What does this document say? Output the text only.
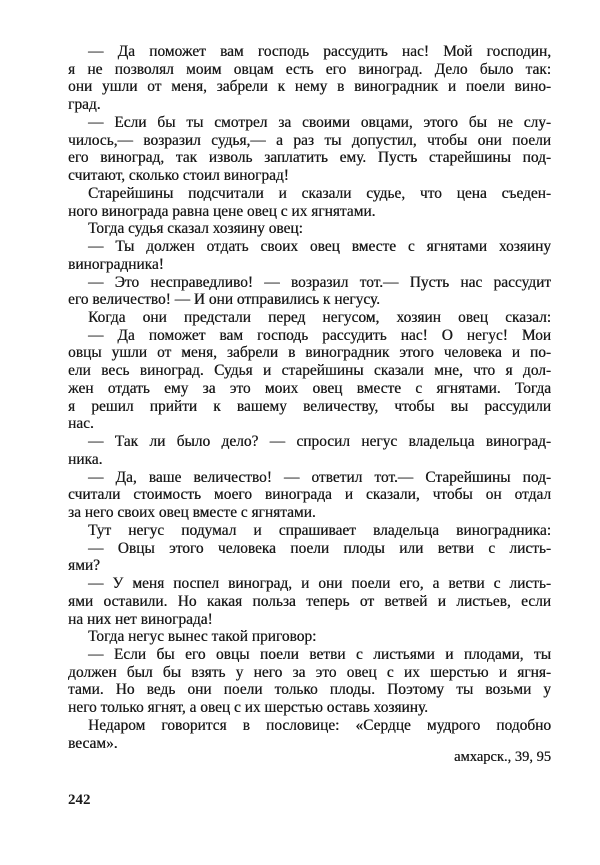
— Да поможет вам господь рассудить нас! Мой господин,
я не позволял моим овцам есть его виноград. Дело было так:
они ушли от меня, забрели к нему в виноградник и поели вино-
град.
— Если бы ты смотрел за своими овцами, этого бы не слу-
чилось,— возразил судья,— а раз ты допустил, чтобы они поели
его виноград, так изволь заплатить ему. Пусть старейшины под-
считают, сколько стоил виноград!
Старейшины подсчитали и сказали судье, что цена съеден-
ного винограда равна цене овец с их ягнятами.
Тогда судья сказал хозяину овец:
— Ты должен отдать своих овец вместе с ягнятами хозяину
виноградника!
— Это несправедливо! — возразил тот.— Пусть нас рассудит
его величество! — И они отправились к негусу.
Когда они предстали перед негусом, хозяин овец сказал:
— Да поможет вам господь рассудить нас! О негус! Мои
овцы ушли от меня, забрели в виноградник этого человека и по-
ели весь виноград. Судья и старейшины сказали мне, что я дол-
жен отдать ему за это моих овец вместе с ягнятами. Тогда
я решил прийти к вашему величеству, чтобы вы рассудили
нас.
— Так ли было дело? — спросил негус владельца виноград-
ника.
— Да, ваше величество! — ответил тот.— Старейшины под-
считали стоимость моего винограда и сказали, чтобы он отдал
за него своих овец вместе с ягнятами.
Тут негус подумал и спрашивает владельца виноградника:
— Овцы этого человека поели плоды или ветви с листь-
ями?
— У меня поспел виноград, и они поели его, а ветви с листь-
ями оставили. Но какая польза теперь от ветвей и листьев, если
на них нет винограда!
Тогда негус вынес такой приговор:
— Если бы его овцы поели ветви с листьями и плодами, ты
должен был бы взять у него за это овец с их шерстью и ягня-
тами. Но ведь они поели только плоды. Поэтому ты возьми у
него только ягнят, а овец с их шерстью оставь хозяину.
Недаром говорится в пословице: «Сердце мудрого подобно
весам».
амхарск., 39, 95
242
